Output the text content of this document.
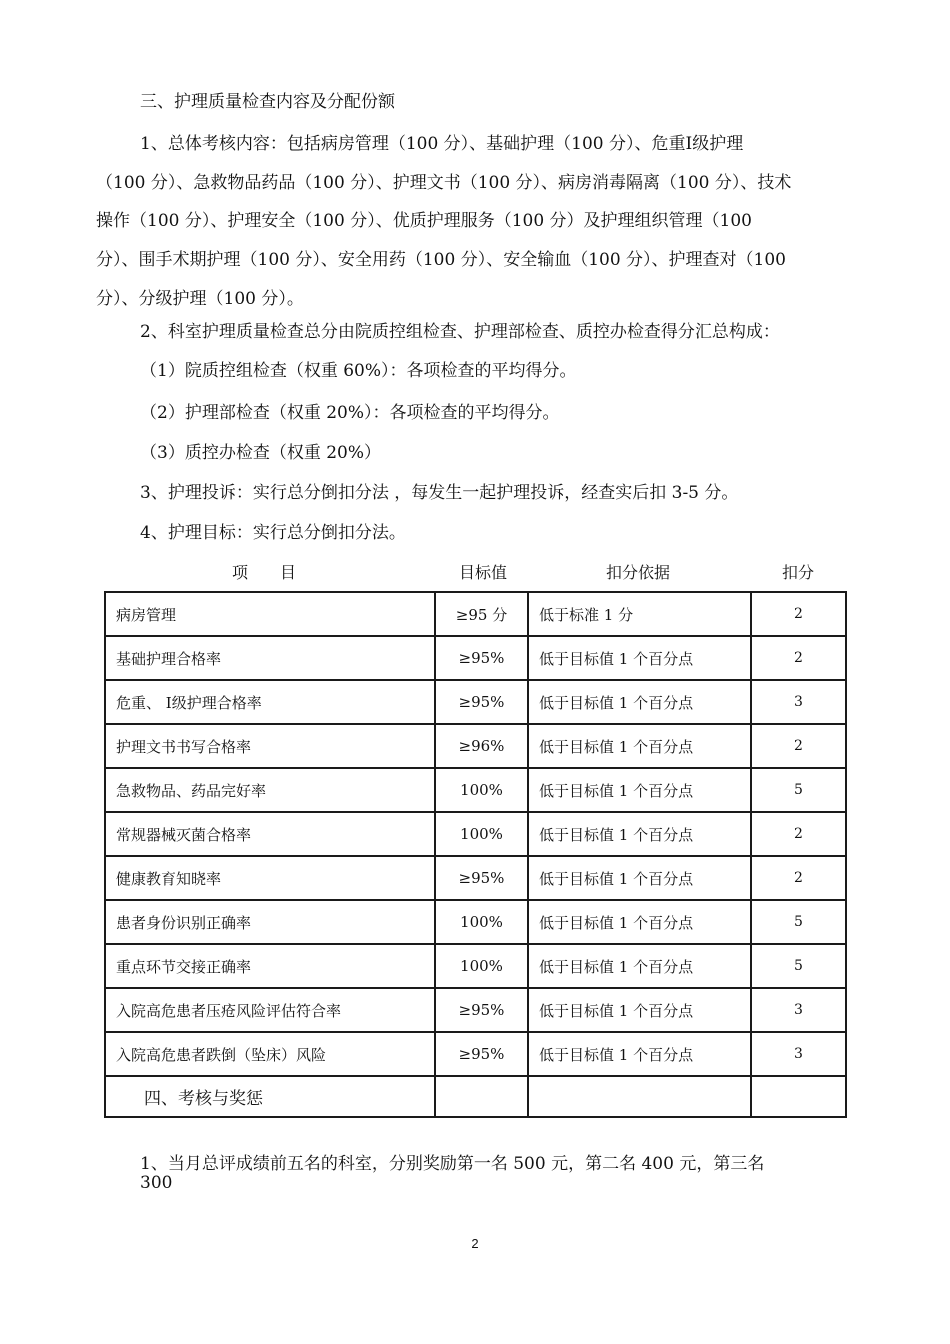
三、护理质量检查内容及分配份额
1、总体考核内容：包括病房管理（100 分）、基础护理（100 分）、危重Ⅰ级护理
（100 分）、急救物品药品（100 分）、护理文书（100 分）、病房消毒隔离（100 分）、技术
操作（100 分）、护理安全（100 分）、优质护理服务（100 分）及护理组织管理（100
分）、围手术期护理（100 分）、安全用药（100 分）、安全输血（100 分）、护理查对（100
分）、分级护理（100 分）。
2、科室护理质量检查总分由院质控组检查、护理部检查、质控办检查得分汇总构成：
（1）院质控组检查（权重 60%）：各项检查的平均得分。
（2）护理部检查（权重 20%）：各项检查的平均得分。
（3）质控办检查（权重 20%）
3、护理投诉：实行总分倒扣分法 ，每发生一起护理投诉，经查实后扣 3-5 分。
4、护理目标：实行总分倒扣分法。
项　　目	目标值	扣分依据	扣分
病房管理	≥95 分	低于标准 1 分	2
基础护理合格率	≥95%	低于目标值 1 个百分点	2
危重、 Ⅰ级护理合格率	≥95%	低于目标值 1 个百分点	3
护理文书书写合格率	≥96%	低于目标值 1 个百分点	2
急救物品、药品完好率	100%	低于目标值 1 个百分点	5
常规器械灭菌合格率	100%	低于目标值 1 个百分点	2
健康教育知晓率	≥95%	低于目标值 1 个百分点	2
患者身份识别正确率	100%	低于目标值 1 个百分点	5
重点环节交接正确率	100%	低于目标值 1 个百分点	5
入院高危患者压疮风险评估符合率	≥95%	低于目标值 1 个百分点	3
入院高危患者跌倒（坠床）风险	≥95%	低于目标值 1 个百分点	3
四、考核与奖惩			
1、当月总评成绩前五名的科室，分别奖励第一名 500 元，第二名 400 元，第三名
300
2
